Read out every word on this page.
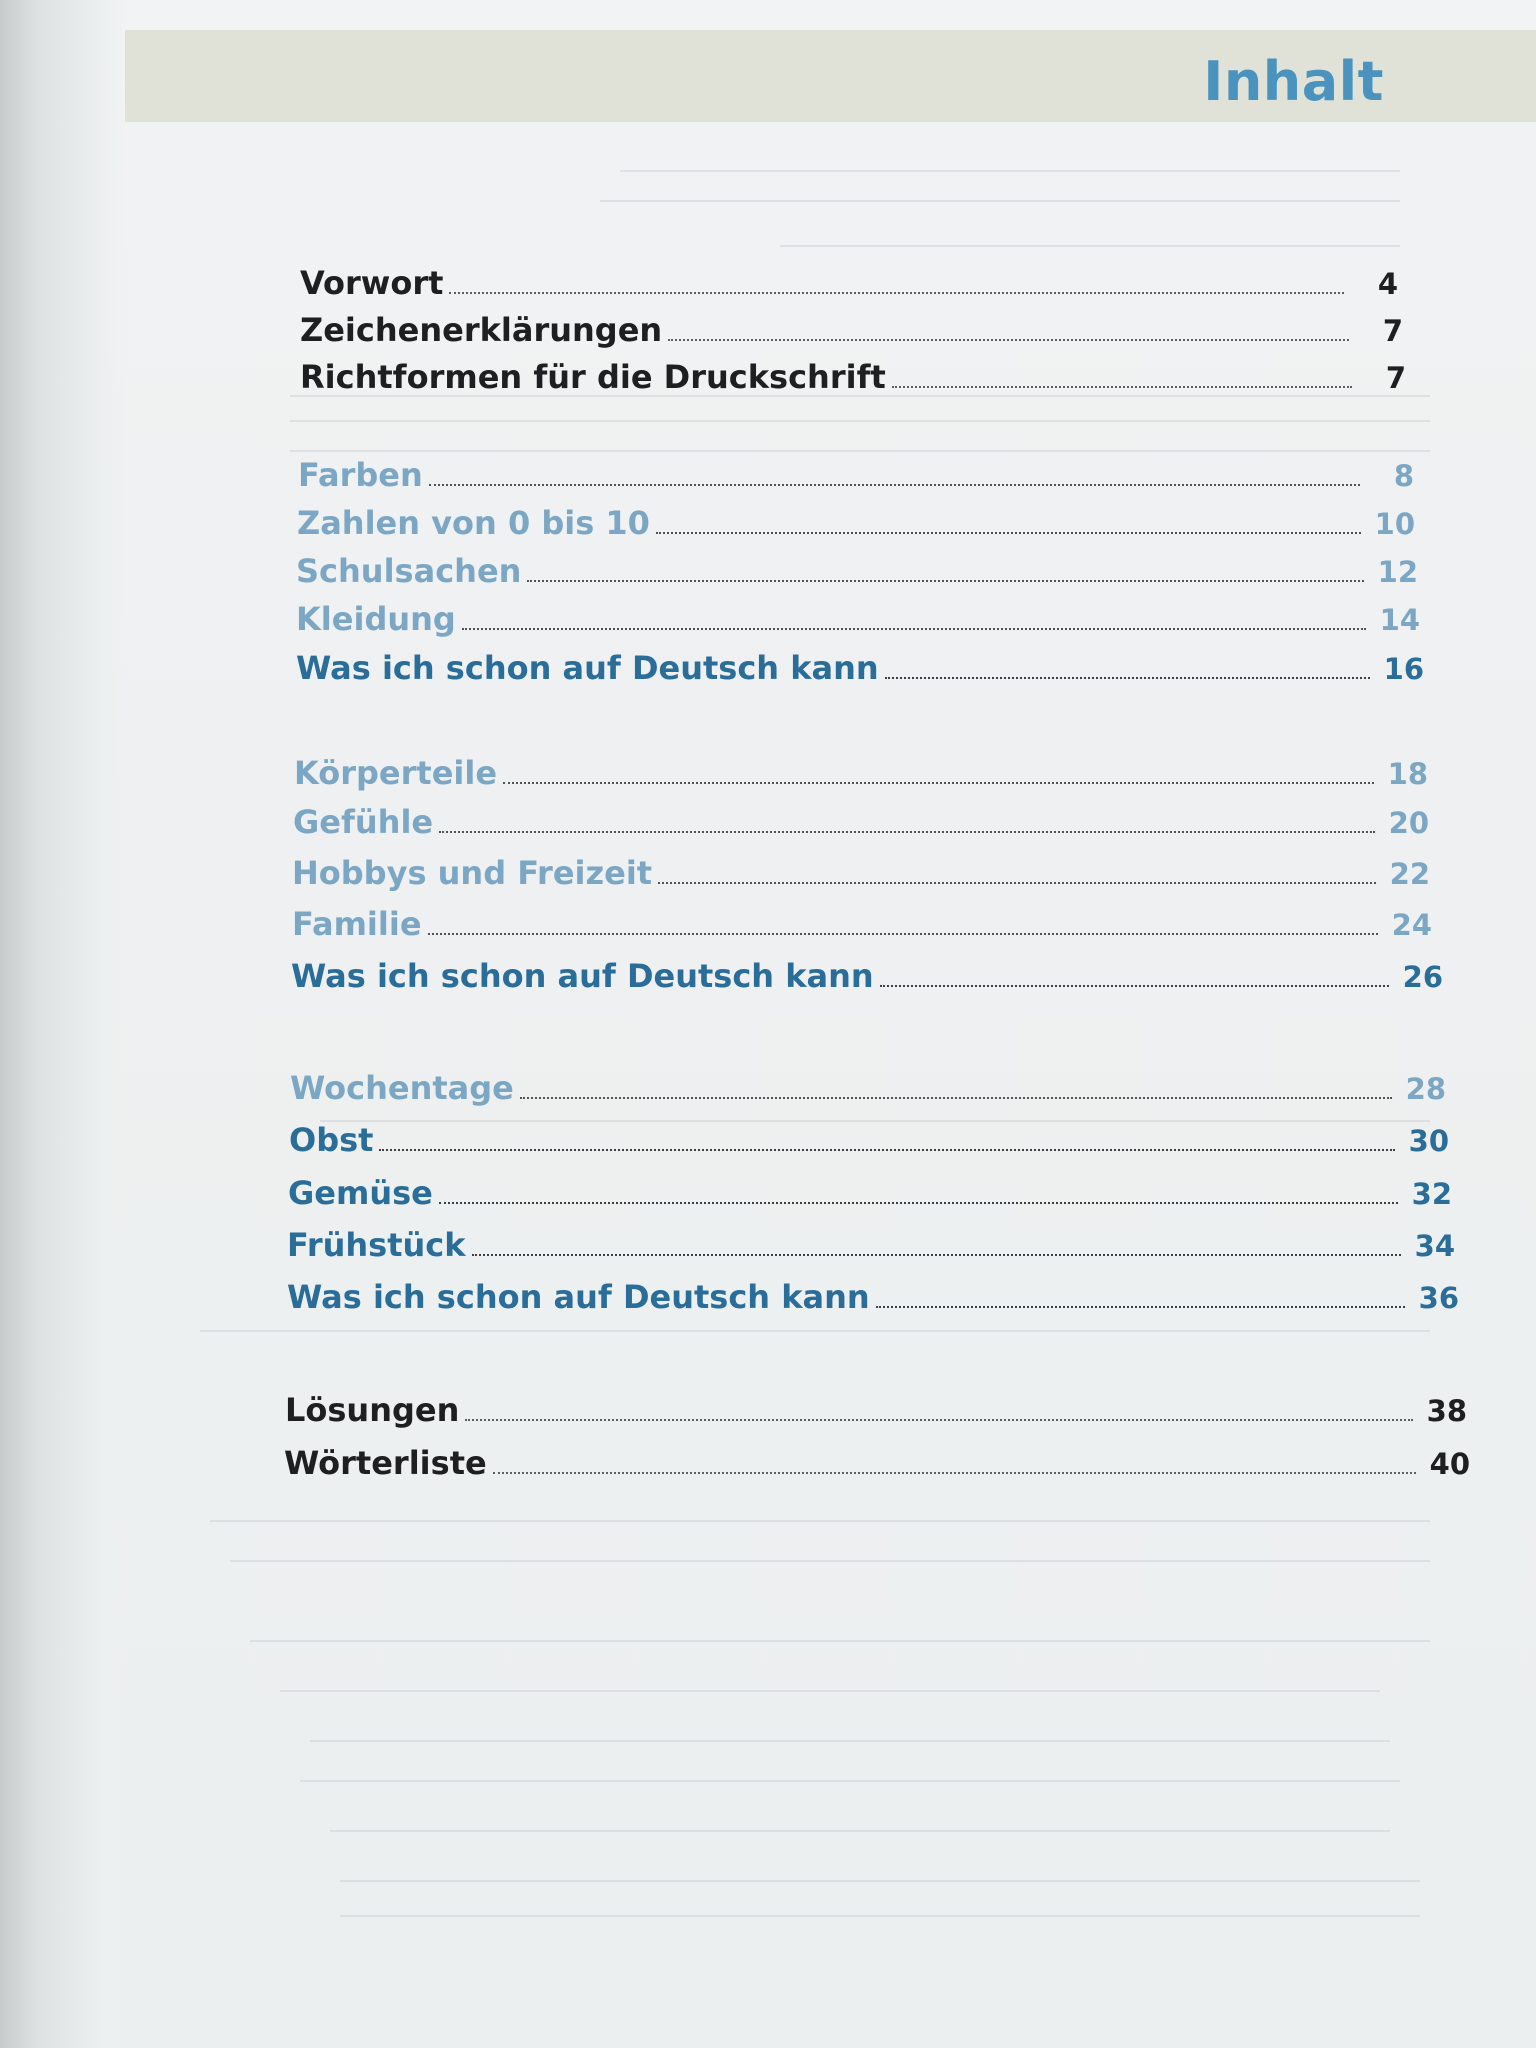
Inhalt
Vorwort	4
Zeichenerklärungen	7
Richtformen für die Druckschrift	7
Farben	8
Zahlen von 0 bis 10	10
Schulsachen	12
Kleidung	14
Was ich schon auf Deutsch kann	16
Körperteile	18
Gefühle	20
Hobbys und Freizeit	22
Familie	24
Was ich schon auf Deutsch kann	26
Wochentage	28
Obst	30
Gemüse	32
Frühstück	34
Was ich schon auf Deutsch kann	36
Lösungen	38
Wörterliste	40
